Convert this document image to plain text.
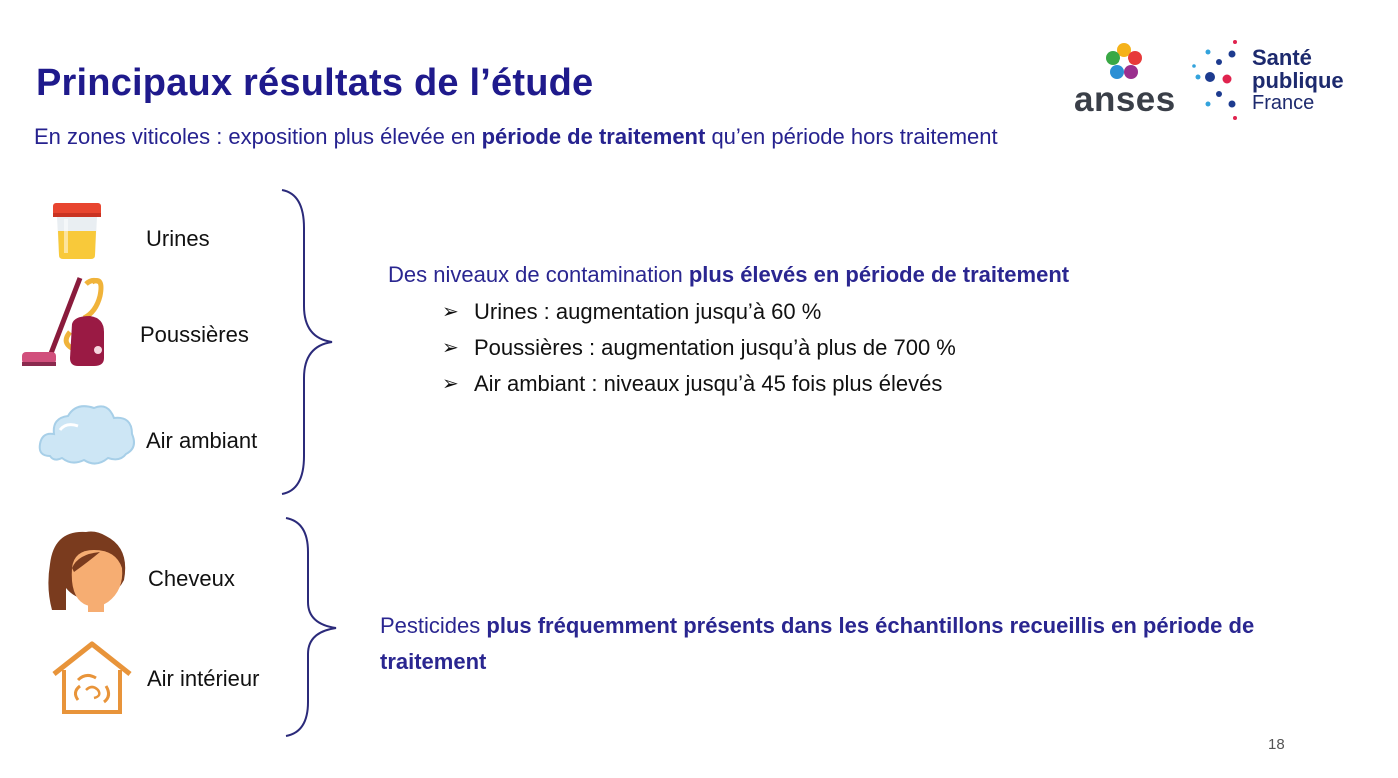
Principaux résultats de l’étude
En zones viticoles : exposition plus élevée en période de traitement qu’en période hors traitement
anses
Santé
publique
France
Urines
Poussières
Air ambiant
Des niveaux de contamination plus élevés en période de traitement
➢ Urines : augmentation jusqu’à 60 %
➢ Poussières : augmentation jusqu’à plus de 700 %
➢ Air ambiant : niveaux jusqu’à 45 fois plus élevés
Cheveux
Air intérieur
Pesticides plus fréquemment présents dans les échantillons recueillis en période de traitement
18
